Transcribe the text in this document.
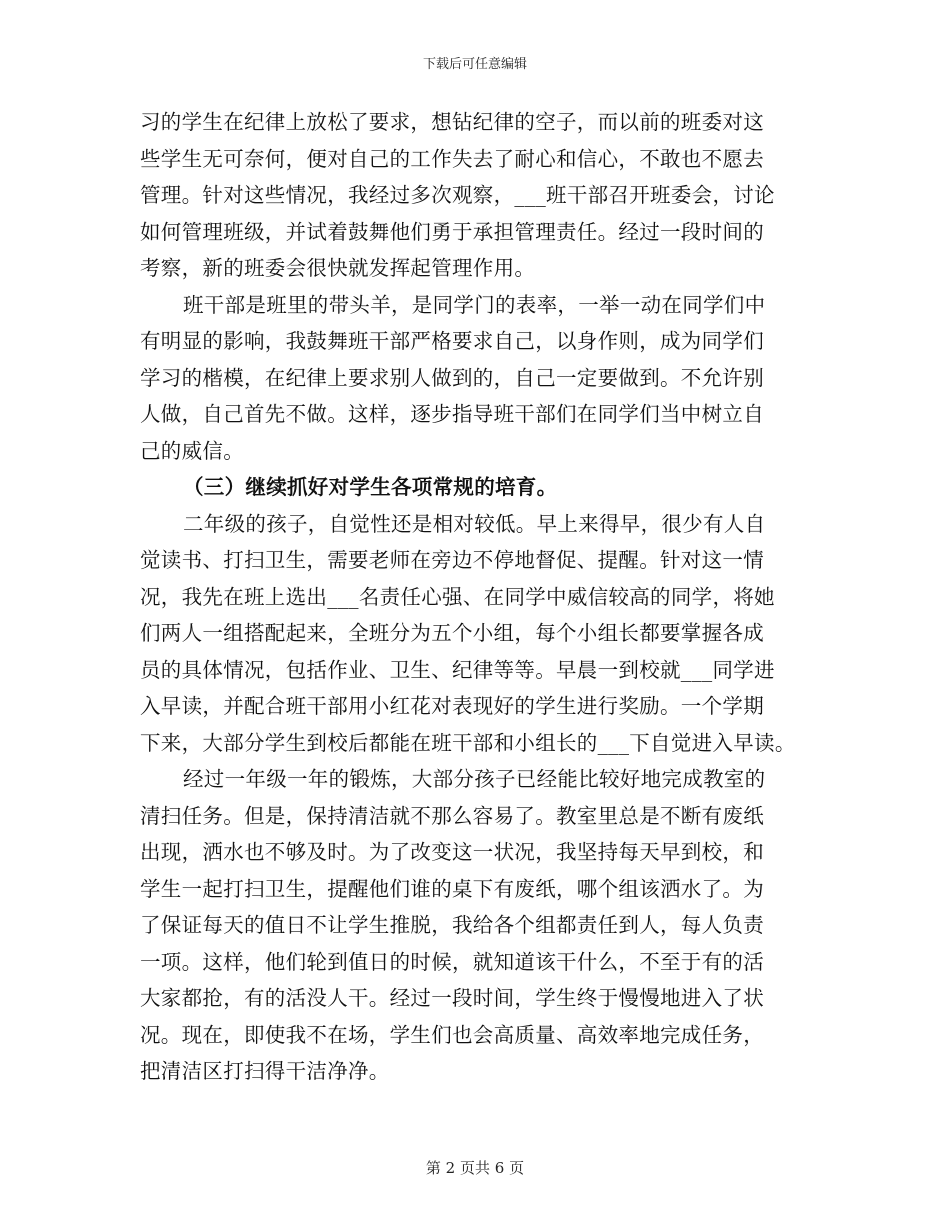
下载后可任意编辑
习的学生在纪律上放松了要求，想钻纪律的空子，而以前的班委对这
些学生无可奈何，便对自己的工作失去了耐心和信心，不敢也不愿去
管理。针对这些情况，我经过多次观察，___班干部召开班委会，讨论
如何管理班级，并试着鼓舞他们勇于承担管理责任。经过一段时间的
考察，新的班委会很快就发挥起管理作用。
班干部是班里的带头羊，是同学门的表率，一举一动在同学们中
有明显的影响，我鼓舞班干部严格要求自己，以身作则，成为同学们
学习的楷模，在纪律上要求别人做到的，自己一定要做到。不允许别
人做，自己首先不做。这样，逐步指导班干部们在同学们当中树立自
己的威信。
（三）继续抓好对学生各项常规的培育。
二年级的孩子，自觉性还是相对较低。早上来得早，很少有人自
觉读书、打扫卫生，需要老师在旁边不停地督促、提醒。针对这一情
况，我先在班上选出___名责任心强、在同学中威信较高的同学，将她
们两人一组搭配起来，全班分为五个小组，每个小组长都要掌握各成
员的具体情况，包括作业、卫生、纪律等等。早晨一到校就___同学进
入早读，并配合班干部用小红花对表现好的学生进行奖励。一个学期
下来，大部分学生到校后都能在班干部和小组长的___下自觉进入早读。
经过一年级一年的锻炼，大部分孩子已经能比较好地完成教室的
清扫任务。但是，保持清洁就不那么容易了。教室里总是不断有废纸
出现，洒水也不够及时。为了改变这一状况，我坚持每天早到校，和
学生一起打扫卫生，提醒他们谁的桌下有废纸，哪个组该洒水了。为
了保证每天的值日不让学生推脱，我给各个组都责任到人，每人负责
一项。这样，他们轮到值日的时候，就知道该干什么，不至于有的活
大家都抢，有的活没人干。经过一段时间，学生终于慢慢地进入了状
况。现在，即使我不在场，学生们也会高质量、高效率地完成任务，
把清洁区打扫得干洁净净。
第 2 页共 6 页
